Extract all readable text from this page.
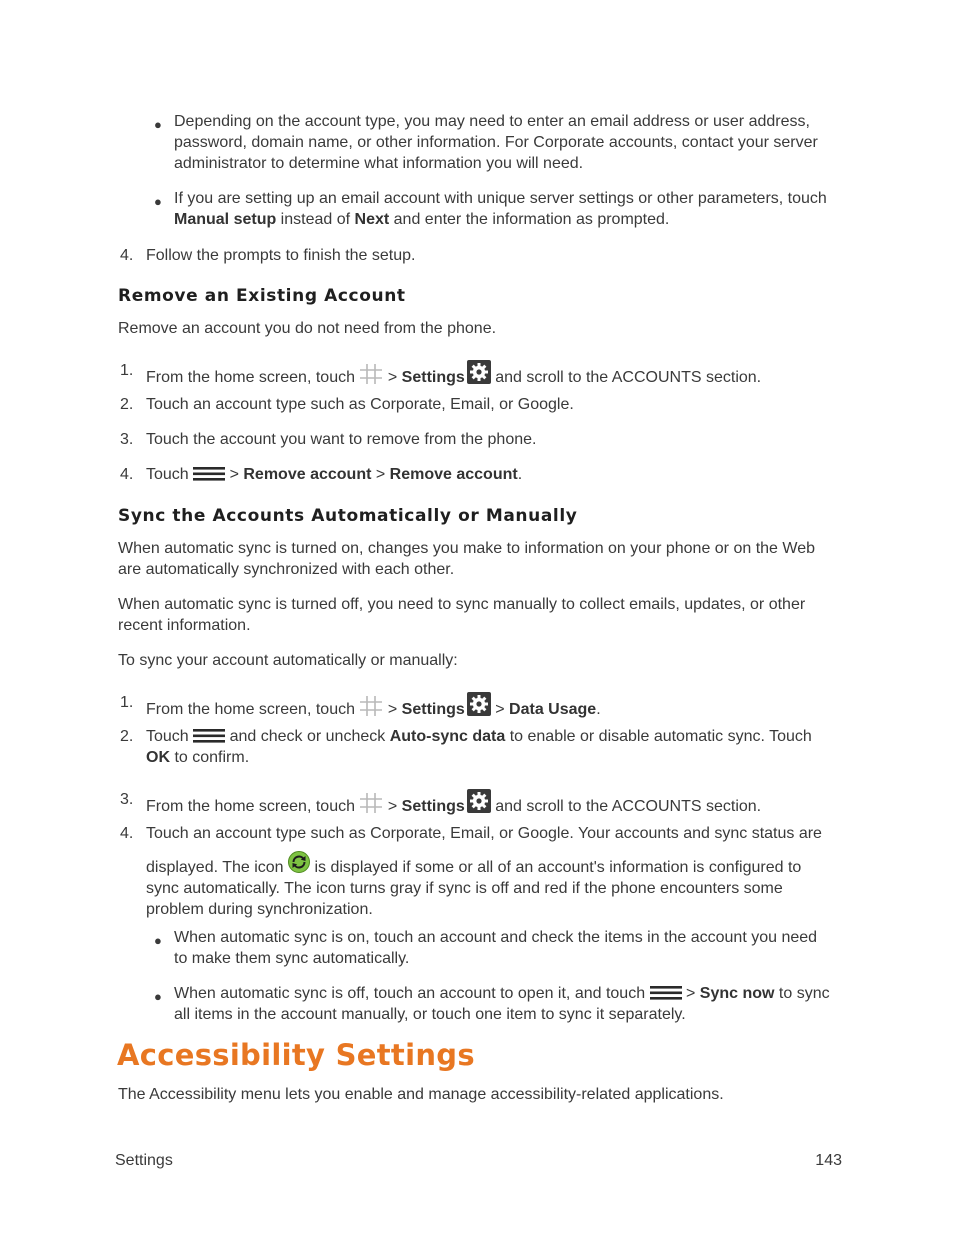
● Depending on the account type, you may need to enter an email address or user address,
password, domain name, or other information. For Corporate accounts, contact your server
administrator to determine what information you will need.
● If you are setting up an email account with unique server settings or other parameters, touch
Manual setup instead of Next and enter the information as prompted.
4. Follow the prompts to finish the setup.
Remove an Existing Account
Remove an account you do not need from the phone.
1. From the home screen, touch  > Settings and scroll to the ACCOUNTS section.
2. Touch an account type such as Corporate, Email, or Google.
3. Touch the account you want to remove from the phone.
4. Touch  > Remove account > Remove account.
Sync the Accounts Automatically or Manually
When automatic sync is turned on, changes you make to information on your phone or on the Web
are automatically synchronized with each other.
When automatic sync is turned off, you need to sync manually to collect emails, updates, or other
recent information.
To sync your account automatically or manually:
1. From the home screen, touch  > Settings > Data Usage.
2. Touch  and check or uncheck Auto-sync data to enable or disable automatic sync. Touch
OK to confirm.
3. From the home screen, touch  > Settings and scroll to the ACCOUNTS section.
4. Touch an account type such as Corporate, Email, or Google. Your accounts and sync status are
displayed. The icon  is displayed if some or all of an account's information is configured to
sync automatically. The icon turns gray if sync is off and red if the phone encounters some
problem during synchronization.
● When automatic sync is on, touch an account and check the items in the account you need
to make them sync automatically.
● When automatic sync is off, touch an account to open it, and touch  > Sync now to sync
all items in the account manually, or touch one item to sync it separately.
Accessibility Settings
The Accessibility menu lets you enable and manage accessibility-related applications.
Settings	143
